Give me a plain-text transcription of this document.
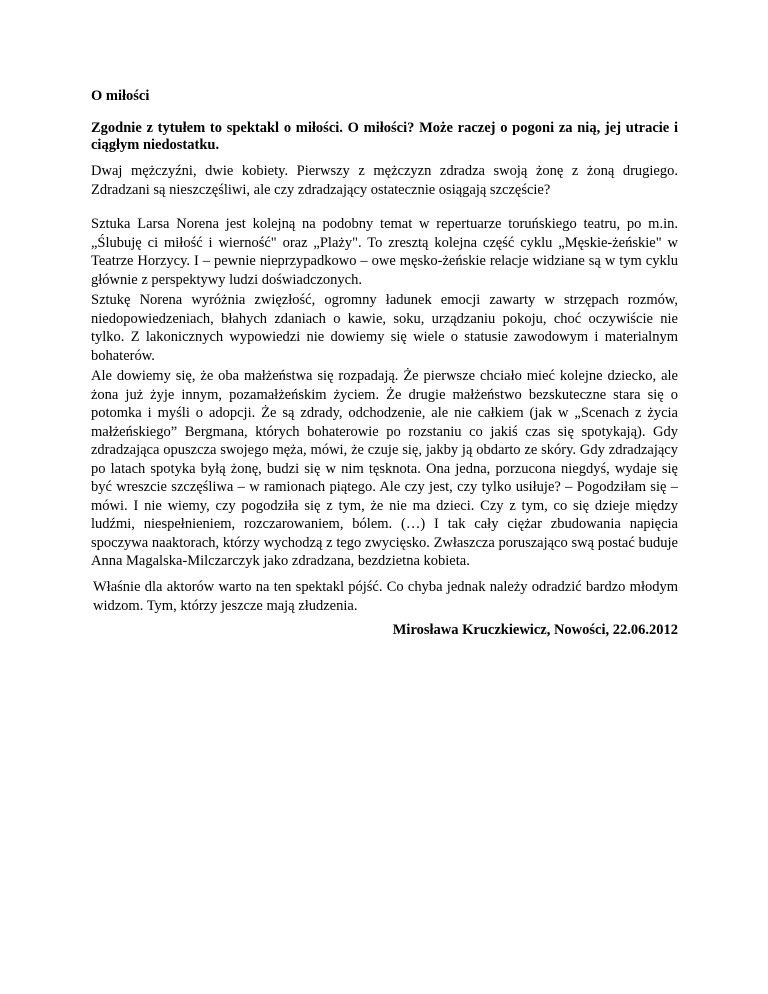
O miłości
Zgodnie z tytułem to spektakl o miłości. O miłości? Może raczej o pogoni za nią, jej utracie i ciągłym niedostatku.
Dwaj mężczyźni, dwie kobiety. Pierwszy z mężczyzn zdradza swoją żonę z żoną drugiego. Zdradzani są nieszczęśliwi, ale czy zdradzający ostatecznie osiągają szczęście?
Sztuka Larsa Norena jest kolejną na podobny temat w repertuarze toruńskiego teatru, po m.in. „Ślubuję ci miłość i wierność" oraz „Plaży". To zresztą kolejna część cyklu „Męskie-żeńskie" w Teatrze Horzycy. I – pewnie nieprzypadkowo – owe męsko-żeńskie relacje widziane są w tym cyklu głównie z perspektywy ludzi doświadczonych.
Sztukę Norena wyróżnia zwięzłość, ogromny ładunek emocji zawarty w strzępach rozmów, niedopowiedzeniach, błahych zdaniach o kawie, soku, urządzaniu pokoju, choć oczywiście nie tylko. Z lakonicznych wypowiedzi nie dowiemy się wiele o statusie zawodowym i materialnym bohaterów.
Ale dowiemy się, że oba małżeństwa się rozpadają. Że pierwsze chciało mieć kolejne dziecko, ale żona już żyje innym, pozamałżeńskim życiem. Że drugie małżeństwo bezskuteczne stara się o potomka i myśli o adopcji. Że są zdrady, odchodzenie, ale nie całkiem (jak w „Scenach z życia małżeńskiego” Bergmana, których bohaterowie po rozstaniu co jakiś czas się spotykają). Gdy zdradzająca opuszcza swojego męża, mówi, że czuje się, jakby ją obdarto ze skóry. Gdy zdradzający po latach spotyka byłą żonę, budzi się w nim tęsknota. Ona jedna, porzucona niegdyś, wydaje się być wreszcie szczęśliwa – w ramionach piątego. Ale czy jest, czy tylko usiłuje? – Pogodziłam się – mówi. I nie wiemy, czy pogodziła się z tym, że nie ma dzieci. Czy z tym, co się dzieje między ludźmi, niespełnieniem, rozczarowaniem, bólem. (…) I tak cały ciężar zbudowania napięcia spoczywa naaktorach, którzy wychodzą z tego zwycięsko. Zwłaszcza poruszająco swą postać buduje Anna Magalska-Milczarczyk jako zdradzana, bezdzietna kobieta.
Właśnie dla aktorów warto na ten spektakl pójść. Co chyba jednak należy odradzić bardzo młodym widzom. Tym, którzy jeszcze mają złudzenia.
Mirosława Kruczkiewicz, Nowości, 22.06.2012
